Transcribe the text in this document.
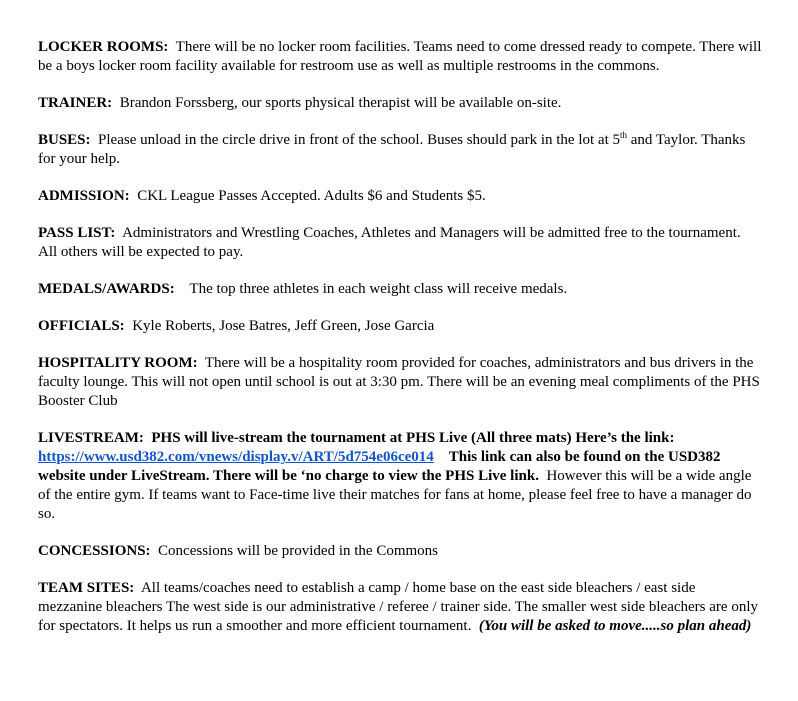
LOCKER ROOMS: There will be no locker room facilities. Teams need to come dressed ready to compete. There will be a boys locker room facility available for restroom use as well as multiple restrooms in the commons.

TRAINER: Brandon Forssberg, our sports physical therapist will be available on-site.

BUSES: Please unload in the circle drive in front of the school. Buses should park in the lot at 5th and Taylor. Thanks for your help.

ADMISSION: CKL League Passes Accepted. Adults $6 and Students $5.

PASS LIST: Administrators and Wrestling Coaches, Athletes and Managers will be admitted free to the tournament. All others will be expected to pay.

MEDALS/AWARDS: The top three athletes in each weight class will receive medals.

OFFICIALS: Kyle Roberts, Jose Batres, Jeff Green, Jose Garcia

HOSPITALITY ROOM: There will be a hospitality room provided for coaches, administrators and bus drivers in the faculty lounge. This will not open until school is out at 3:30 pm. There will be an evening meal compliments of the PHS Booster Club

LIVESTREAM: PHS will live-stream the tournament at PHS Live (All three mats) Here’s the link: https://www.usd382.com/vnews/display.v/ART/5d754e06ce014 This link can also be found on the USD382 website under LiveStream. There will be ‘no charge to view the PHS Live link. However this will be a wide angle of the entire gym. If teams want to Face-time live their matches for fans at home, please feel free to have a manager do so.

CONCESSIONS: Concessions will be provided in the Commons

TEAM SITES: All teams/coaches need to establish a camp / home base on the east side bleachers / east side mezzanine bleachers The west side is our administrative / referee / trainer side. The smaller west side bleachers are only for spectators. It helps us run a smoother and more efficient tournament. (You will be asked to move.....so plan ahead)
